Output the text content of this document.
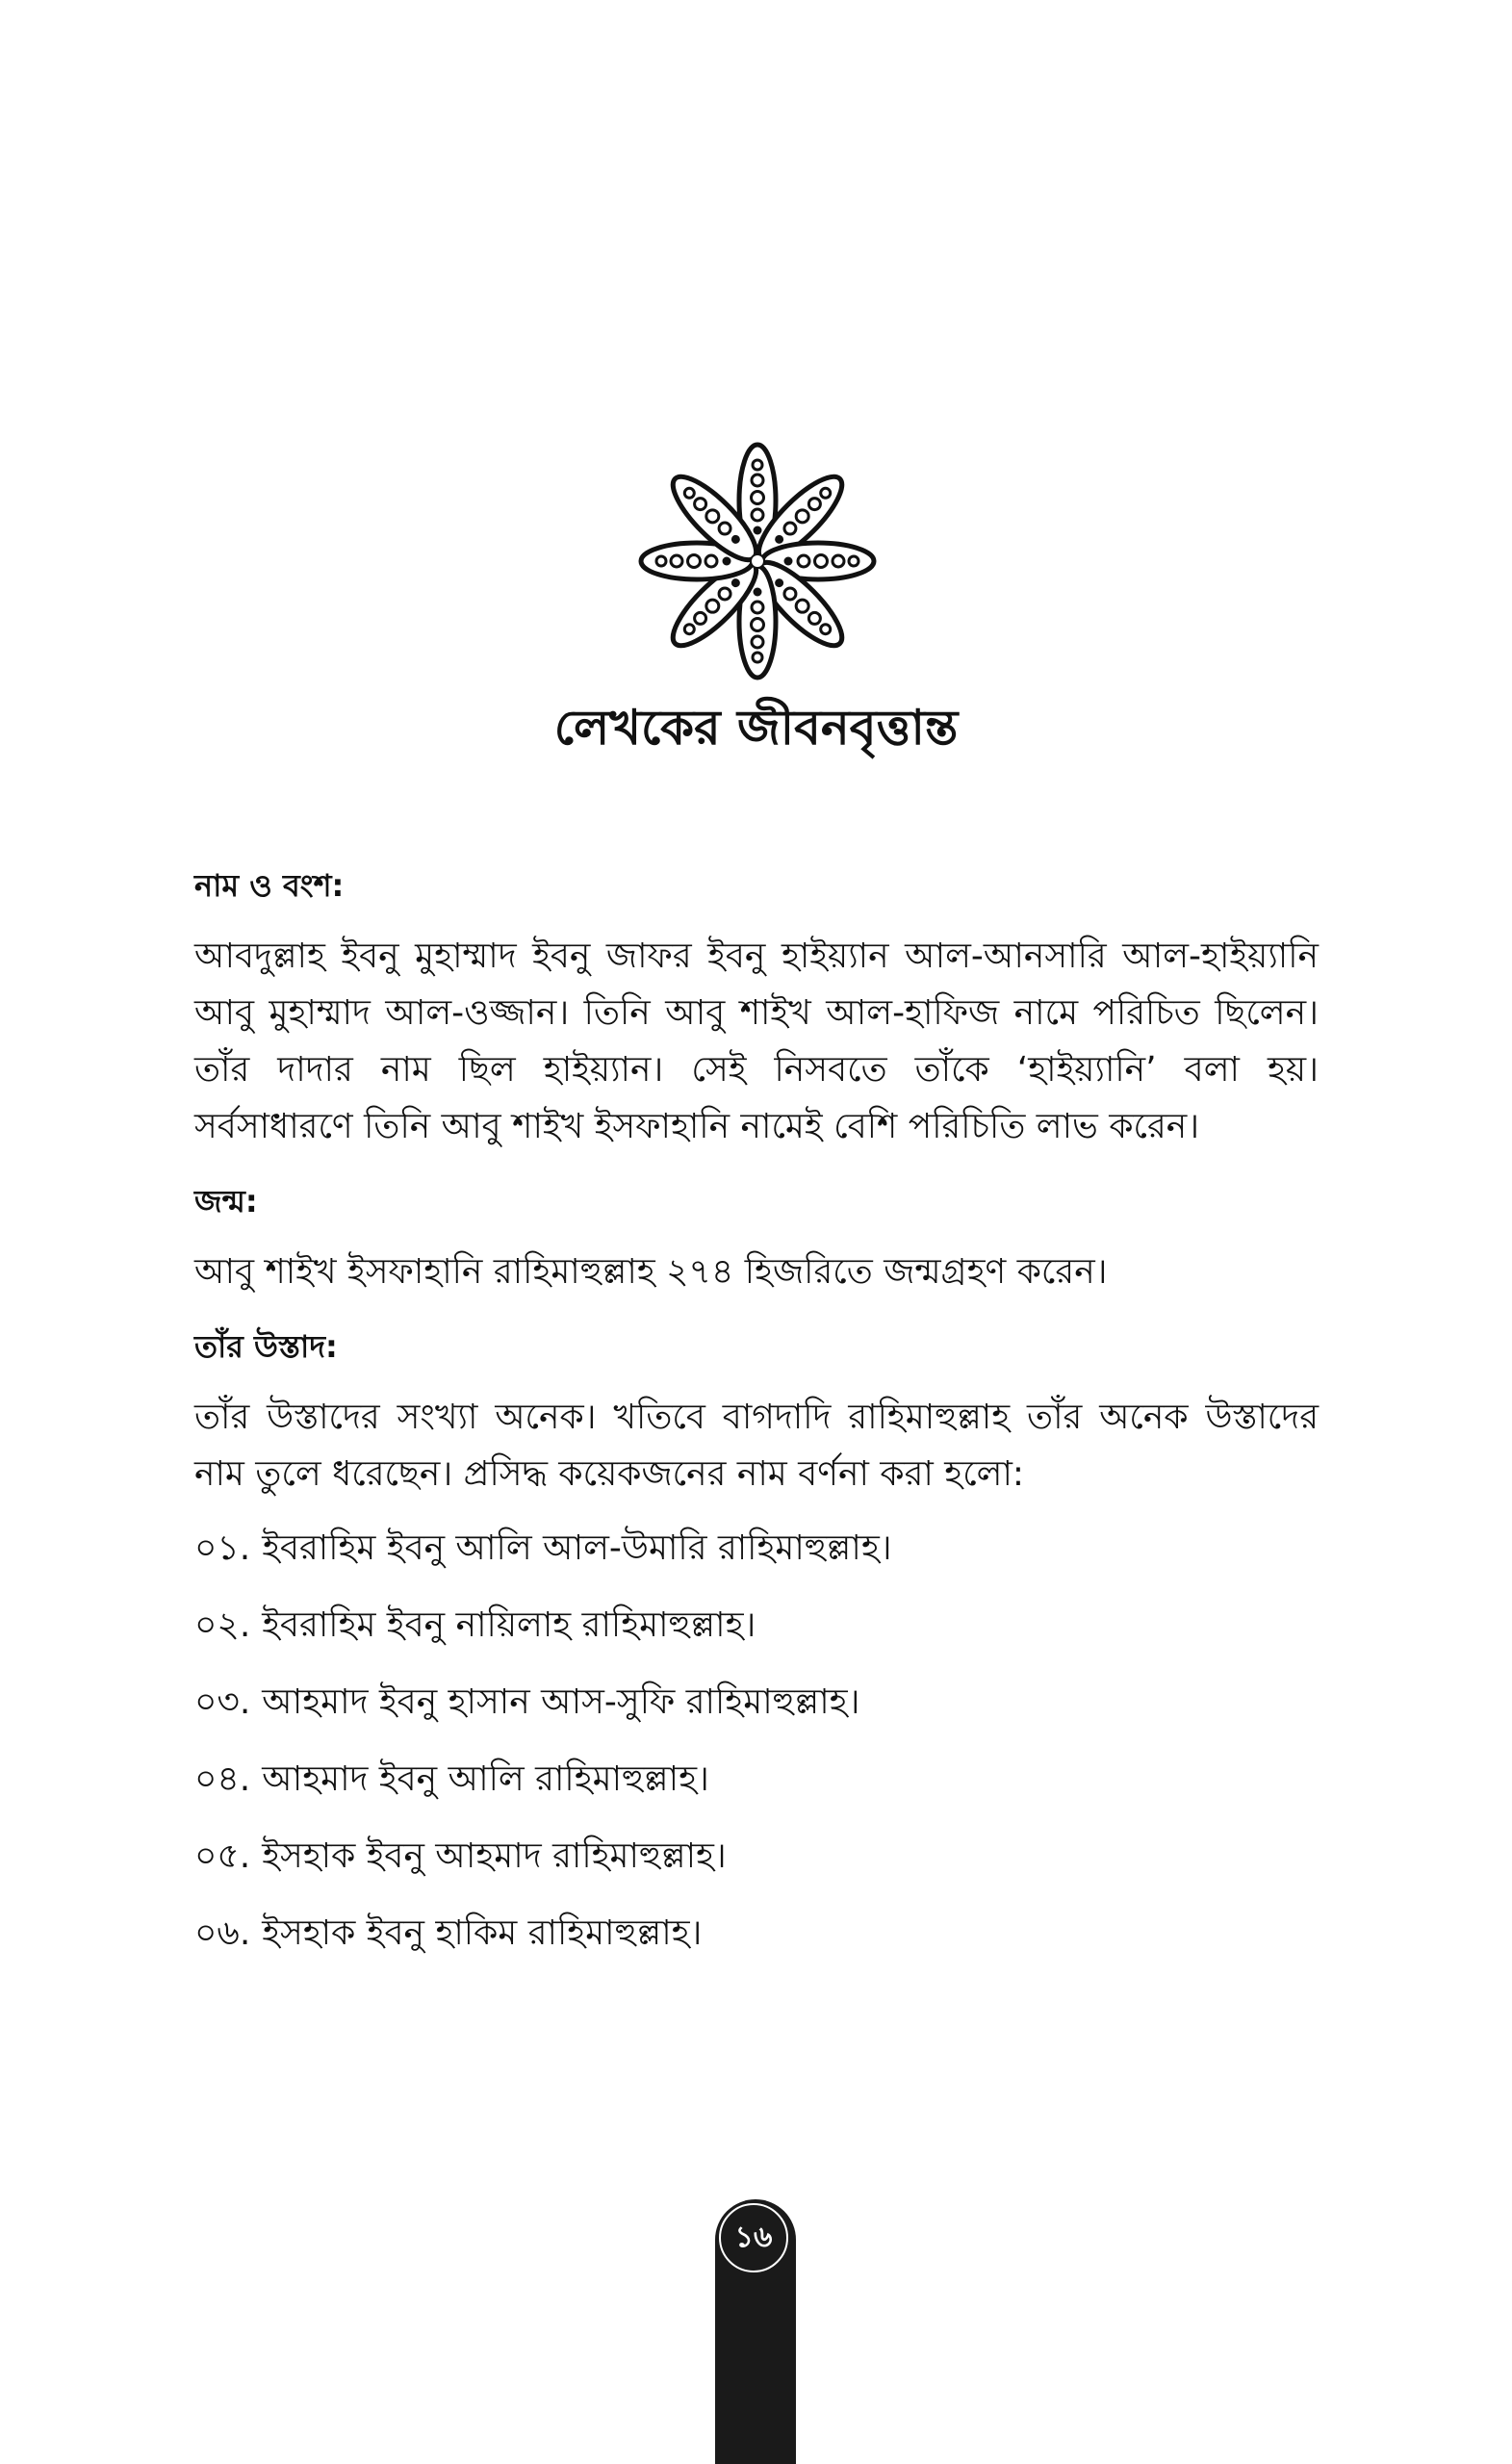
লেখকের জীবনবৃত্তান্ত
নাম ও বংশ:

আবদুল্লাহ ইবনু মুহাম্মাদ ইবনু জাফর ইবনু হাইয়্যান আল-আনসারি আল-হাইয়্যানি আবু মুহাম্মাদ আল-ওজ্জান। তিনি আবু শাইখ আল-হাফিজ নামে পরিচিত ছিলেন। তাঁর দাদার নাম ছিল হাইয়্যান। সেই নিসবতে তাঁকে ‘হাইয়্যানি’ বলা হয়। সর্বসাধারণে তিনি আবু শাইখ ইসফাহানি নামেই বেশি পরিচিতি লাভ করেন।

জন্ম:

আবু শাইখ ইসফাহানি রাহিমাহুল্লাহ ২৭৪ হিজরিতে জন্মগ্রহণ করেন।

তাঁর উস্তাদ:

তাঁর উস্তাদের সংখ্যা অনেক। খতিবে বাগদাদি রাহিমাহুল্লাহ তাঁর অনেক উস্তাদের নাম তুলে ধরেছেন। প্রসিদ্ধ কয়েকজনের নাম বর্ণনা করা হলো:

০১. ইবরাহিম ইবনু আলি আল-উমারি রাহিমাহুল্লাহ।
০২. ইবরাহিম ইবনু নায়িলাহ রাহিমাহুল্লাহ।
০৩. আহমাদ ইবনু হাসান আস-সুফি রাহিমাহুল্লাহ।
০৪. আহমাদ ইবনু আলি রাহিমাহুল্লাহ।
০৫. ইসহাক ইবনু আহমাদ রাহিমাহুল্লাহ।
০৬. ইসহাক ইবনু হাকিম রাহিমাহুল্লাহ।
১৬
